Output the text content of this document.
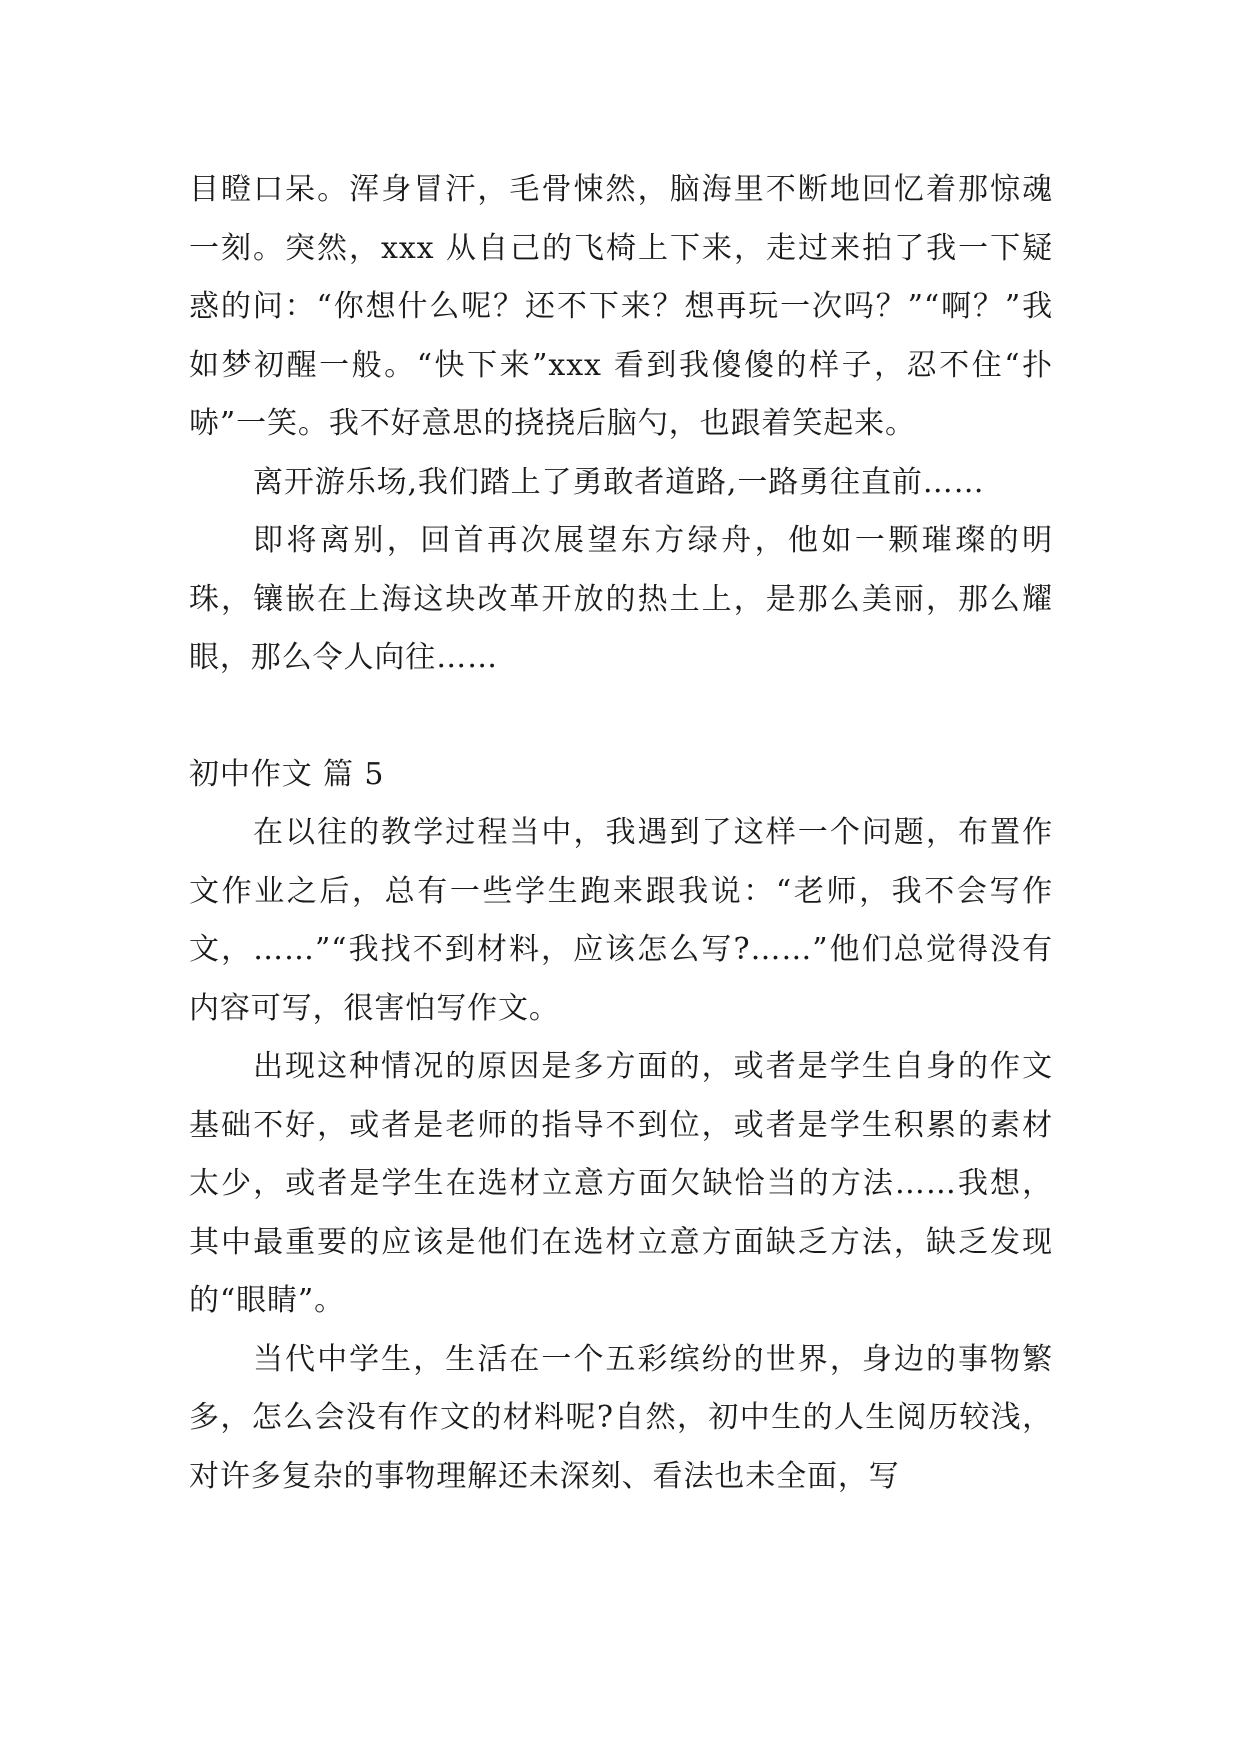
目瞪口呆。浑身冒汗，毛骨悚然，脑海里不断地回忆着那惊魂一刻。突然，xxx 从自己的飞椅上下来，走过来拍了我一下疑惑的问：“你想什么呢？还不下来？想再玩一次吗？”“啊？”我如梦初醒一般。“快下来”xxx 看到我傻傻的样子，忍不住“扑哧”一笑。我不好意思的挠挠后脑勺，也跟着笑起来。

离开游乐场,我们踏上了勇敢者道路,一路勇往直前……

即将离别，回首再次展望东方绿舟，他如一颗璀璨的明珠，镶嵌在上海这块改革开放的热土上，是那么美丽，那么耀眼，那么令人向往……

初中作文 篇 5

在以往的教学过程当中，我遇到了这样一个问题，布置作文作业之后，总有一些学生跑来跟我说：“老师，我不会写作文，……”“我找不到材料，应该怎么写?……”他们总觉得没有内容可写，很害怕写作文。

出现这种情况的原因是多方面的，或者是学生自身的作文基础不好，或者是老师的指导不到位，或者是学生积累的素材太少，或者是学生在选材立意方面欠缺恰当的方法……我想，其中最重要的应该是他们在选材立意方面缺乏方法，缺乏发现的“眼睛”。

当代中学生，生活在一个五彩缤纷的世界，身边的事物繁多，怎么会没有作文的材料呢?自然，初中生的人生阅历较浅，对许多复杂的事物理解还未深刻、看法也未全面，写
